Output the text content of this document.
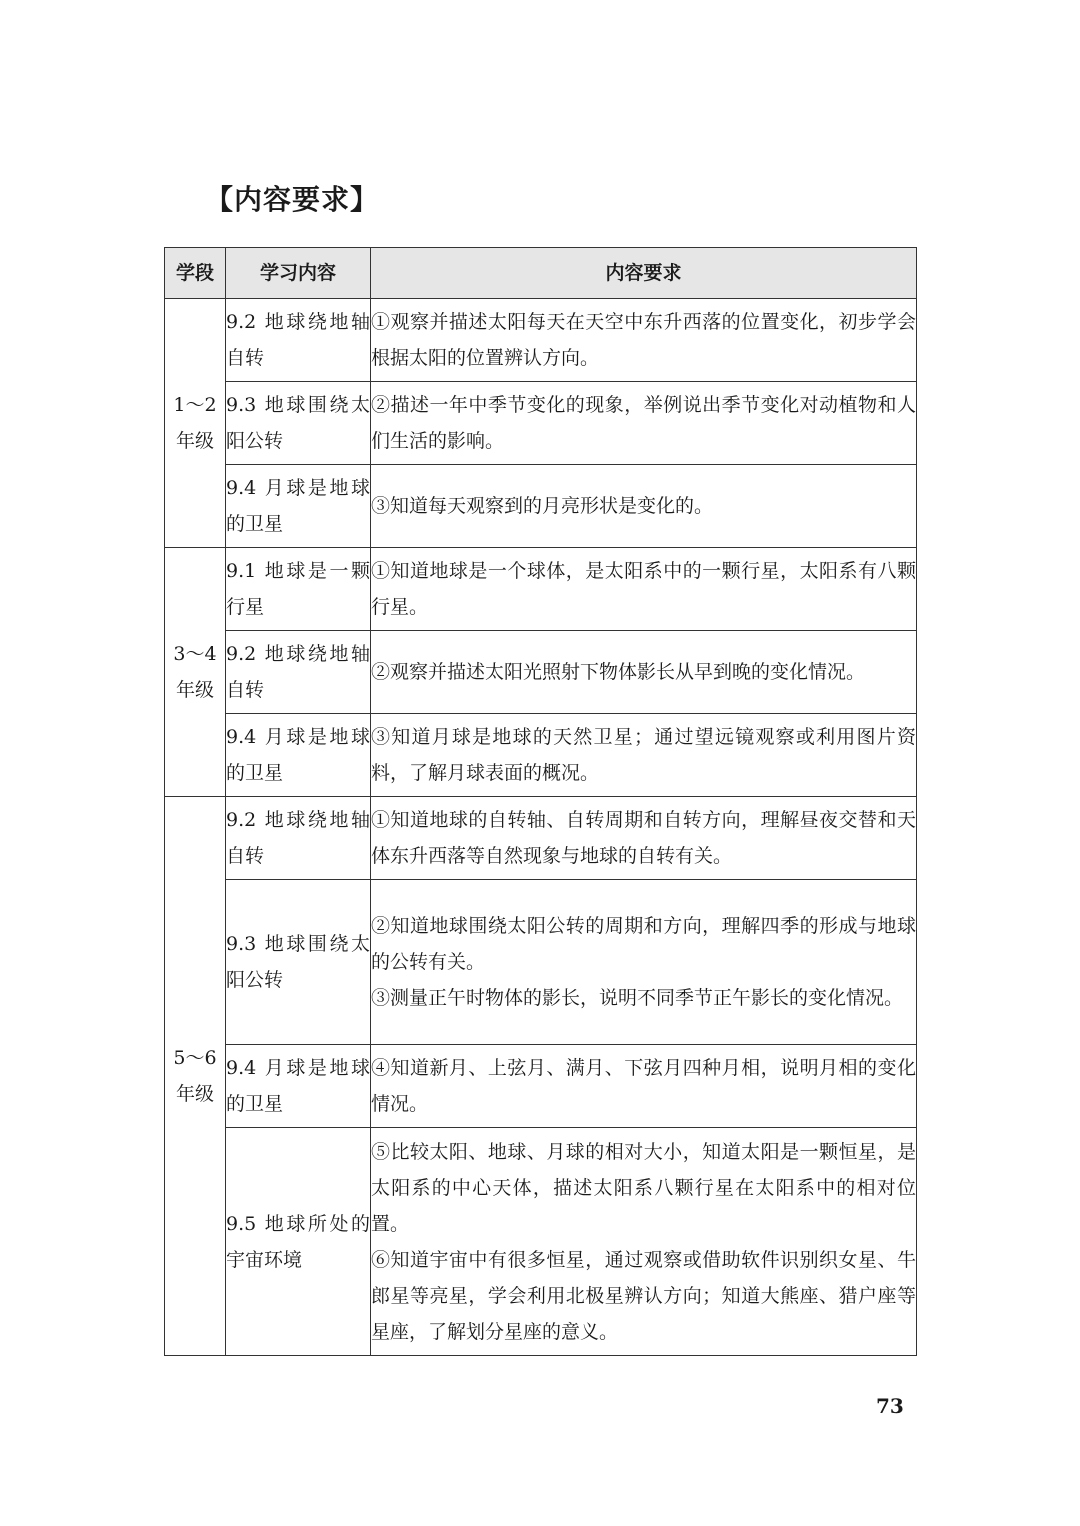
【内容要求】
学段	学习内容	内容要求

1～2
年级	9.2 地球绕地轴自转	①观察并描述太阳每天在天空中东升西落的位置变化，初步学会根据太阳的位置辨认方向。

	9.3 地球围绕太阳公转	②描述一年中季节变化的现象，举例说出季节变化对动植物和人们生活的影响。

	9.4 月球是地球的卫星	③知道每天观察到的月亮形状是变化的。

3～4
年级	9.1 地球是一颗行星	①知道地球是一个球体，是太阳系中的一颗行星，太阳系有八颗行星。

	9.2 地球绕地轴自转	②观察并描述太阳光照射下物体影长从早到晚的变化情况。

	9.4 月球是地球的卫星	③知道月球是地球的天然卫星；通过望远镜观察或利用图片资料，了解月球表面的概况。

5～6
年级	9.2 地球绕地轴自转	①知道地球的自转轴、自转周期和自转方向，理解昼夜交替和天体东升西落等自然现象与地球的自转有关。

	9.3 地球围绕太阳公转	②知道地球围绕太阳公转的周期和方向，理解四季的形成与地球的公转有关。
③测量正午时物体的影长，说明不同季节正午影长的变化情况。

	9.4 月球是地球的卫星	④知道新月、上弦月、满月、下弦月四种月相，说明月相的变化情况。

	9.5 地球所处的宇宙环境	⑤比较太阳、地球、月球的相对大小，知道太阳是一颗恒星，是太阳系的中心天体，描述太阳系八颗行星在太阳系中的相对位置。
⑥知道宇宙中有很多恒星，通过观察或借助软件识别织女星、牛郎星等亮星，学会利用北极星辨认方向；知道大熊座、猎户座等星座，了解划分星座的意义。
73
